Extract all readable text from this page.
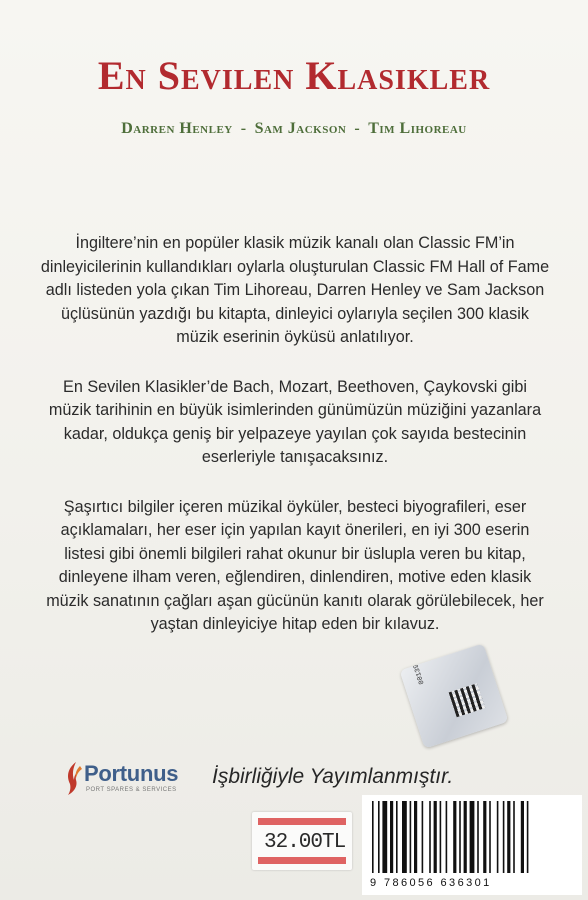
En Sevilen Klasikler
Darren Henley - Sam Jackson - Tim Lihoreau

İngiltere’nin en popüler klasik müzik kanalı olan Classic FM’in dinleyicilerinin kullandıkları oylarla oluşturulan Classic FM Hall of Fame adlı listeden yola çıkan Tim Lihoreau, Darren Henley ve Sam Jackson üçlüsünün yazdığı bu kitapta, dinleyici oylarıyla seçilen 300 klasik müzik eserinin öyküsü anlatılıyor.

En Sevilen Klasikler’de Bach, Mozart, Beethoven, Çaykovski gibi müzik tarihinin en büyük isimlerinden günümüzün müziğini yazanlara kadar, oldukça geniş bir yelpazeye yayılan çok sayıda bestecinin eserleriyle tanışacaksınız.

Şaşırtıcı bilgiler içeren müzikal öyküler, besteci biyografileri, eser açıklamaları, her eser için yapılan kayıt önerileri, en iyi 300 eserin listesi gibi önemli bilgileri rahat okunur bir üslupla veren bu kitap, dinleyene ilham veren, eğlendiren, dinlendiren, motive eden klasik müzik sanatının çağları aşan gücünün kanıtı olarak görülebilecek, her yaştan dinleyiciye hitap eden bir kılavuz.

0013950
Portunus
PORT SPARES & SERVICES
İşbirliğiyle Yayımlanmıştır.
32.00TL
9 786056 636301
